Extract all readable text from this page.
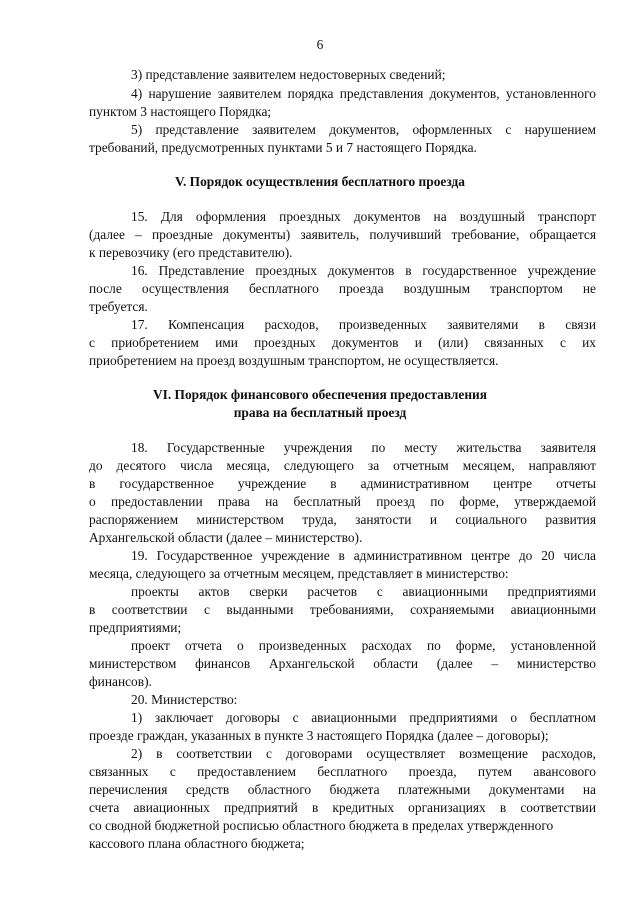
6
3) представление заявителем недостоверных сведений;
4) нарушение заявителем порядка представления документов, установленного
пунктом 3 настоящего Порядка;
5) представление заявителем документов, оформленных с нарушением
требований, предусмотренных пунктами 5 и 7 настоящего Порядка.
V. Порядок осуществления бесплатного проезда
15. Для оформления проездных документов на воздушный транспорт
(далее – проездные документы) заявитель, получивший требование, обращается
к перевозчику (его представителю).
16. Представление проездных документов в государственное учреждение
после осуществления бесплатного проезда воздушным транспортом не
требуется.
17. Компенсация расходов, произведенных заявителями в связи
с приобретением ими проездных документов и (или) связанных с их
приобретением на проезд воздушным транспортом, не осуществляется.
VI. Порядок финансового обеспечения предоставления
права на бесплатный проезд
18. Государственные учреждения по месту жительства заявителя
до десятого числа месяца, следующего за отчетным месяцем, направляют
в государственное учреждение в административном центре отчеты
о предоставлении права на бесплатный проезд по форме, утверждаемой
распоряжением министерством труда, занятости и социального развития
Архангельской области (далее – министерство).
19. Государственное учреждение в административном центре до 20 числа
месяца, следующего за отчетным месяцем, представляет в министерство:
проекты актов сверки расчетов с авиационными предприятиями
в соответствии с выданными требованиями, сохраняемыми авиационными
предприятиями;
проект отчета о произведенных расходах по форме, установленной
министерством финансов Архангельской области (далее – министерство
финансов).
20. Министерство:
1) заключает договоры с авиационными предприятиями о бесплатном
проезде граждан, указанных в пункте 3 настоящего Порядка (далее – договоры);
2) в соответствии с договорами осуществляет возмещение расходов,
связанных с предоставлением бесплатного проезда, путем авансового
перечисления средств областного бюджета платежными документами на
счета авиационных предприятий в кредитных организациях в соответствии
со сводной бюджетной росписью областного бюджета в пределах утвержденного
кассового плана областного бюджета;
